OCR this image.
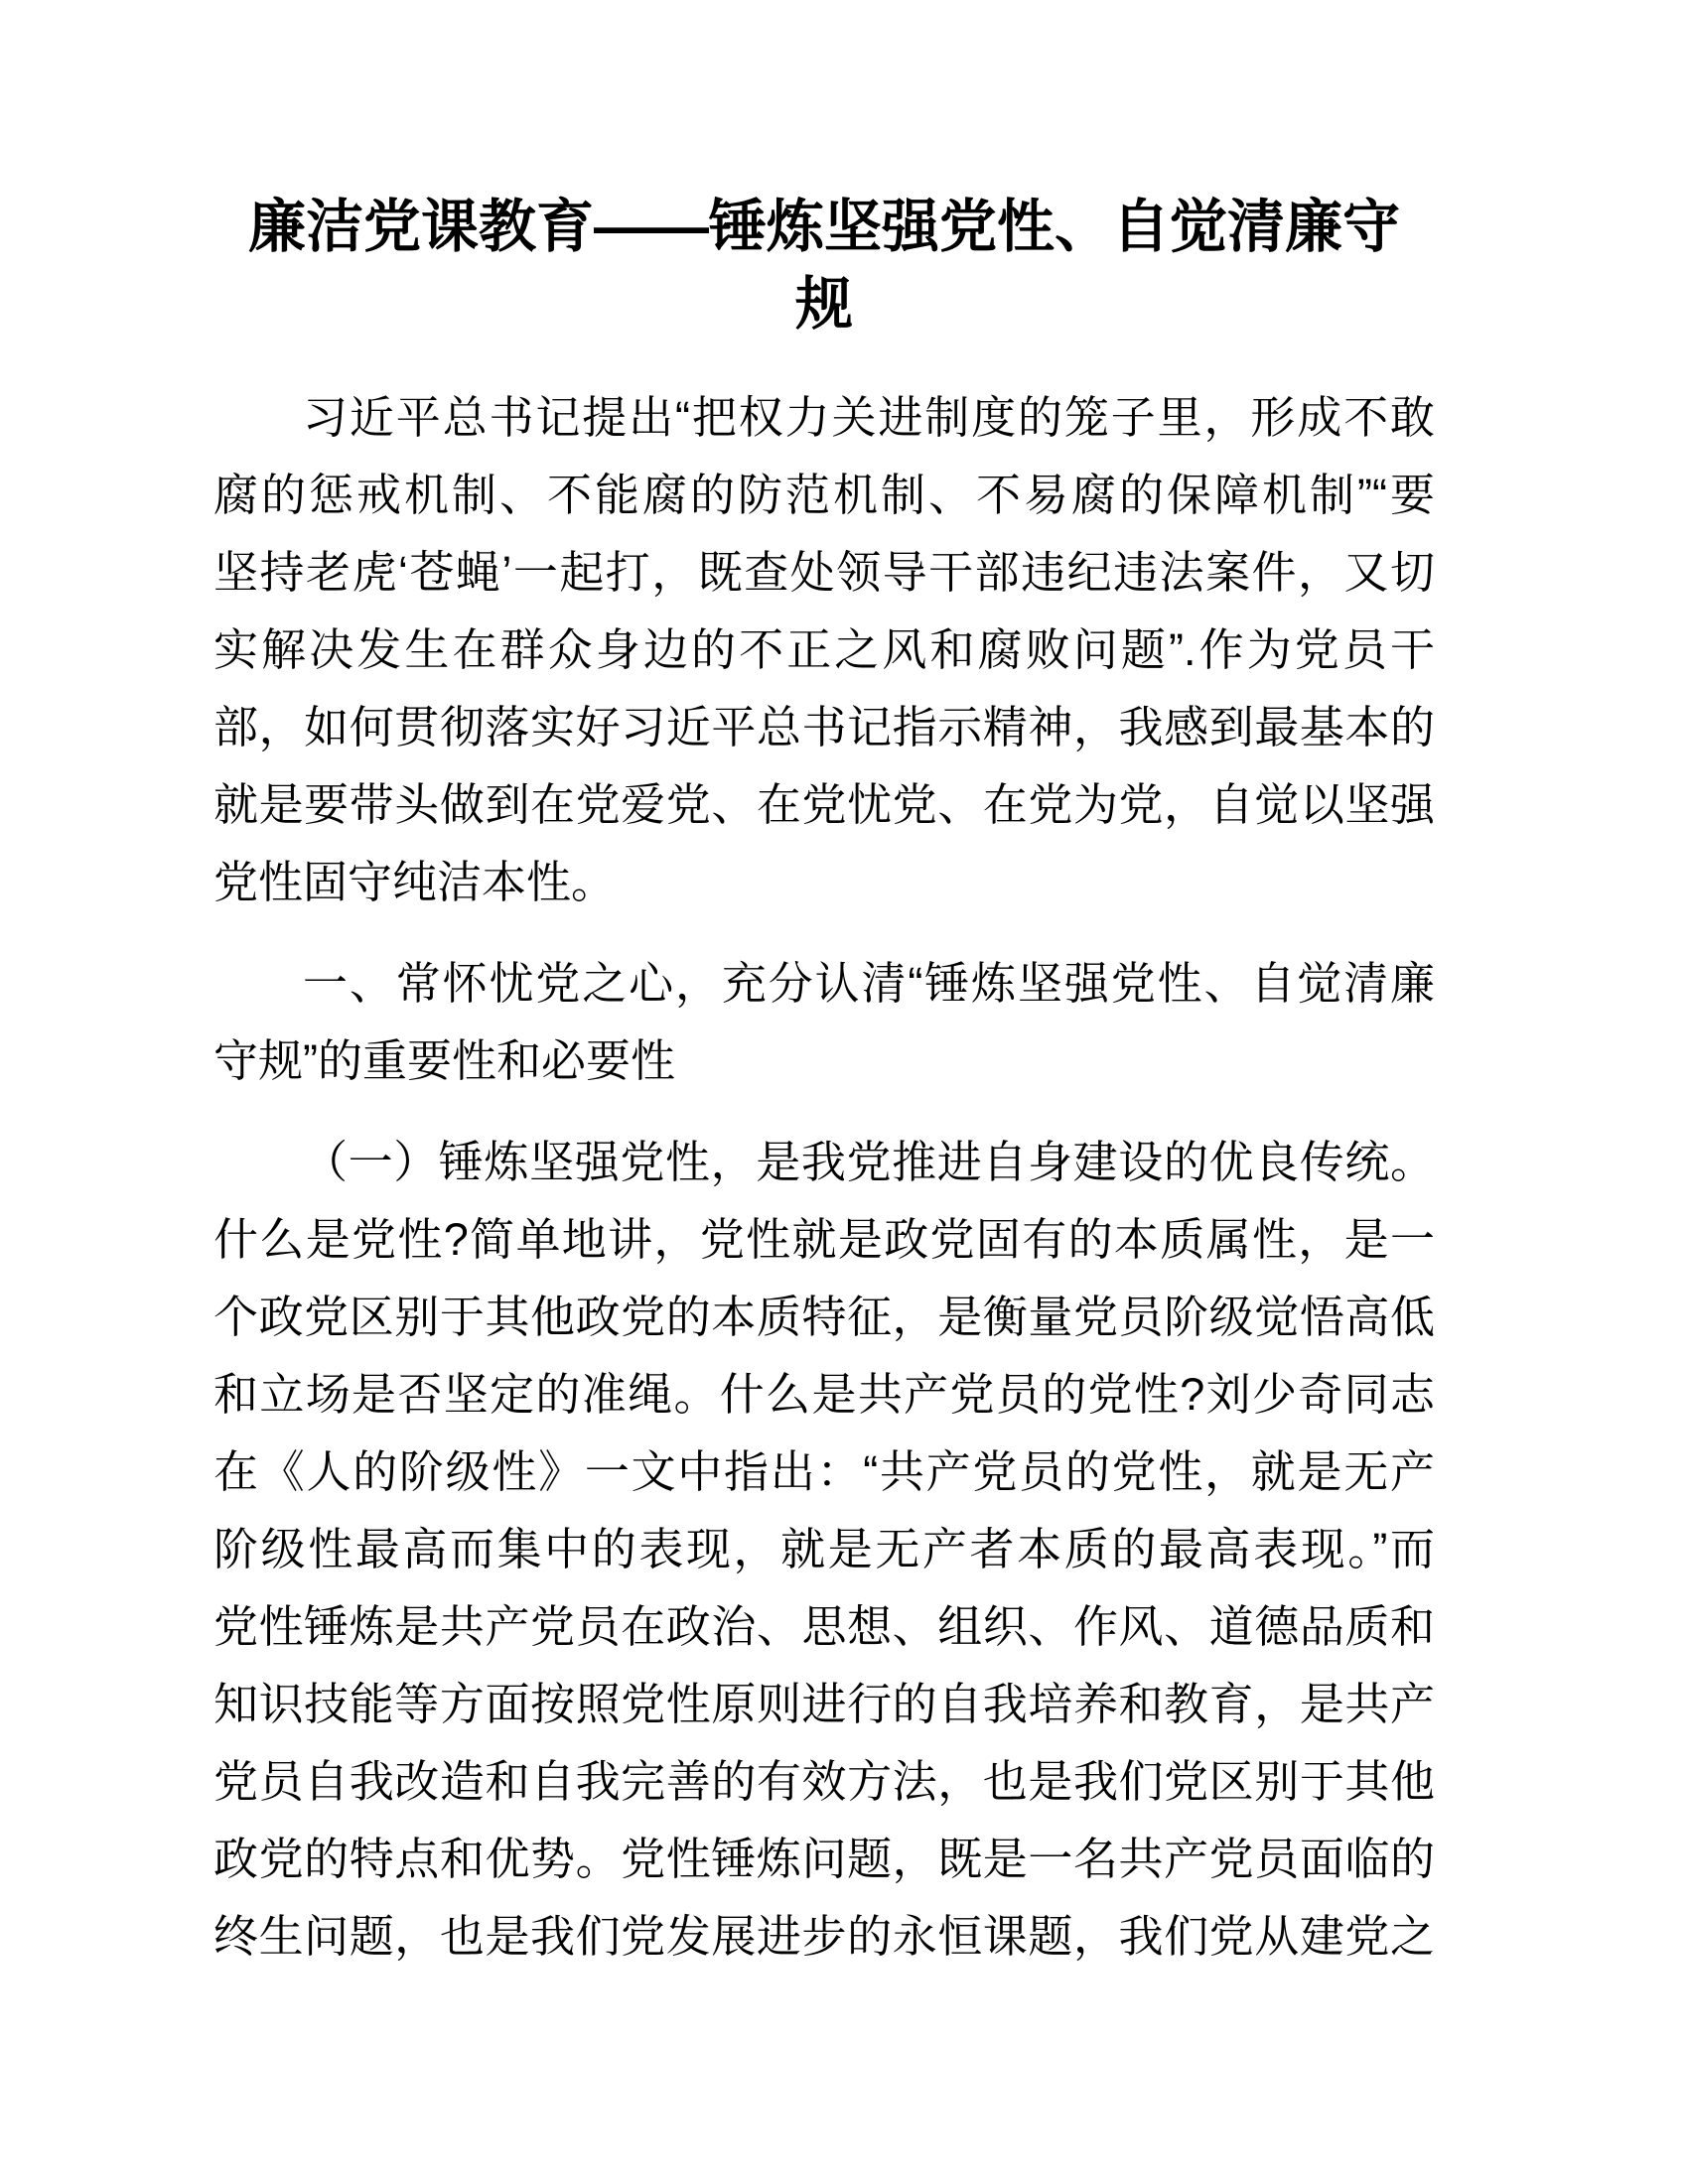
廉洁党课教育——锤炼坚强党性、自觉清廉守
规
习近平总书记提出“把权力关进制度的笼子里，形成不敢
腐的惩戒机制、不能腐的防范机制、不易腐的保障机制”“要
坚持老虎‘苍蝇’一起打，既查处领导干部违纪违法案件，又切
实解决发生在群众身边的不正之风和腐败问题”.作为党员干
部，如何贯彻落实好习近平总书记指示精神，我感到最基本的
就是要带头做到在党爱党、在党忧党、在党为党，自觉以坚强
党性固守纯洁本性。
一、常怀忧党之心，充分认清“锤炼坚强党性、自觉清廉
守规”的重要性和必要性
（一）锤炼坚强党性，是我党推进自身建设的优良传统。
什么是党性?简单地讲，党性就是政党固有的本质属性，是一
个政党区别于其他政党的本质特征，是衡量党员阶级觉悟高低
和立场是否坚定的准绳。什么是共产党员的党性?刘少奇同志
在《人的阶级性》一文中指出：“共产党员的党性，就是无产
阶级性最高而集中的表现，就是无产者本质的最高表现。”而
党性锤炼是共产党员在政治、思想、组织、作风、道德品质和
知识技能等方面按照党性原则进行的自我培养和教育，是共产
党员自我改造和自我完善的有效方法，也是我们党区别于其他
政党的特点和优势。党性锤炼问题，既是一名共产党员面临的
终生问题，也是我们党发展进步的永恒课题，我们党从建党之
